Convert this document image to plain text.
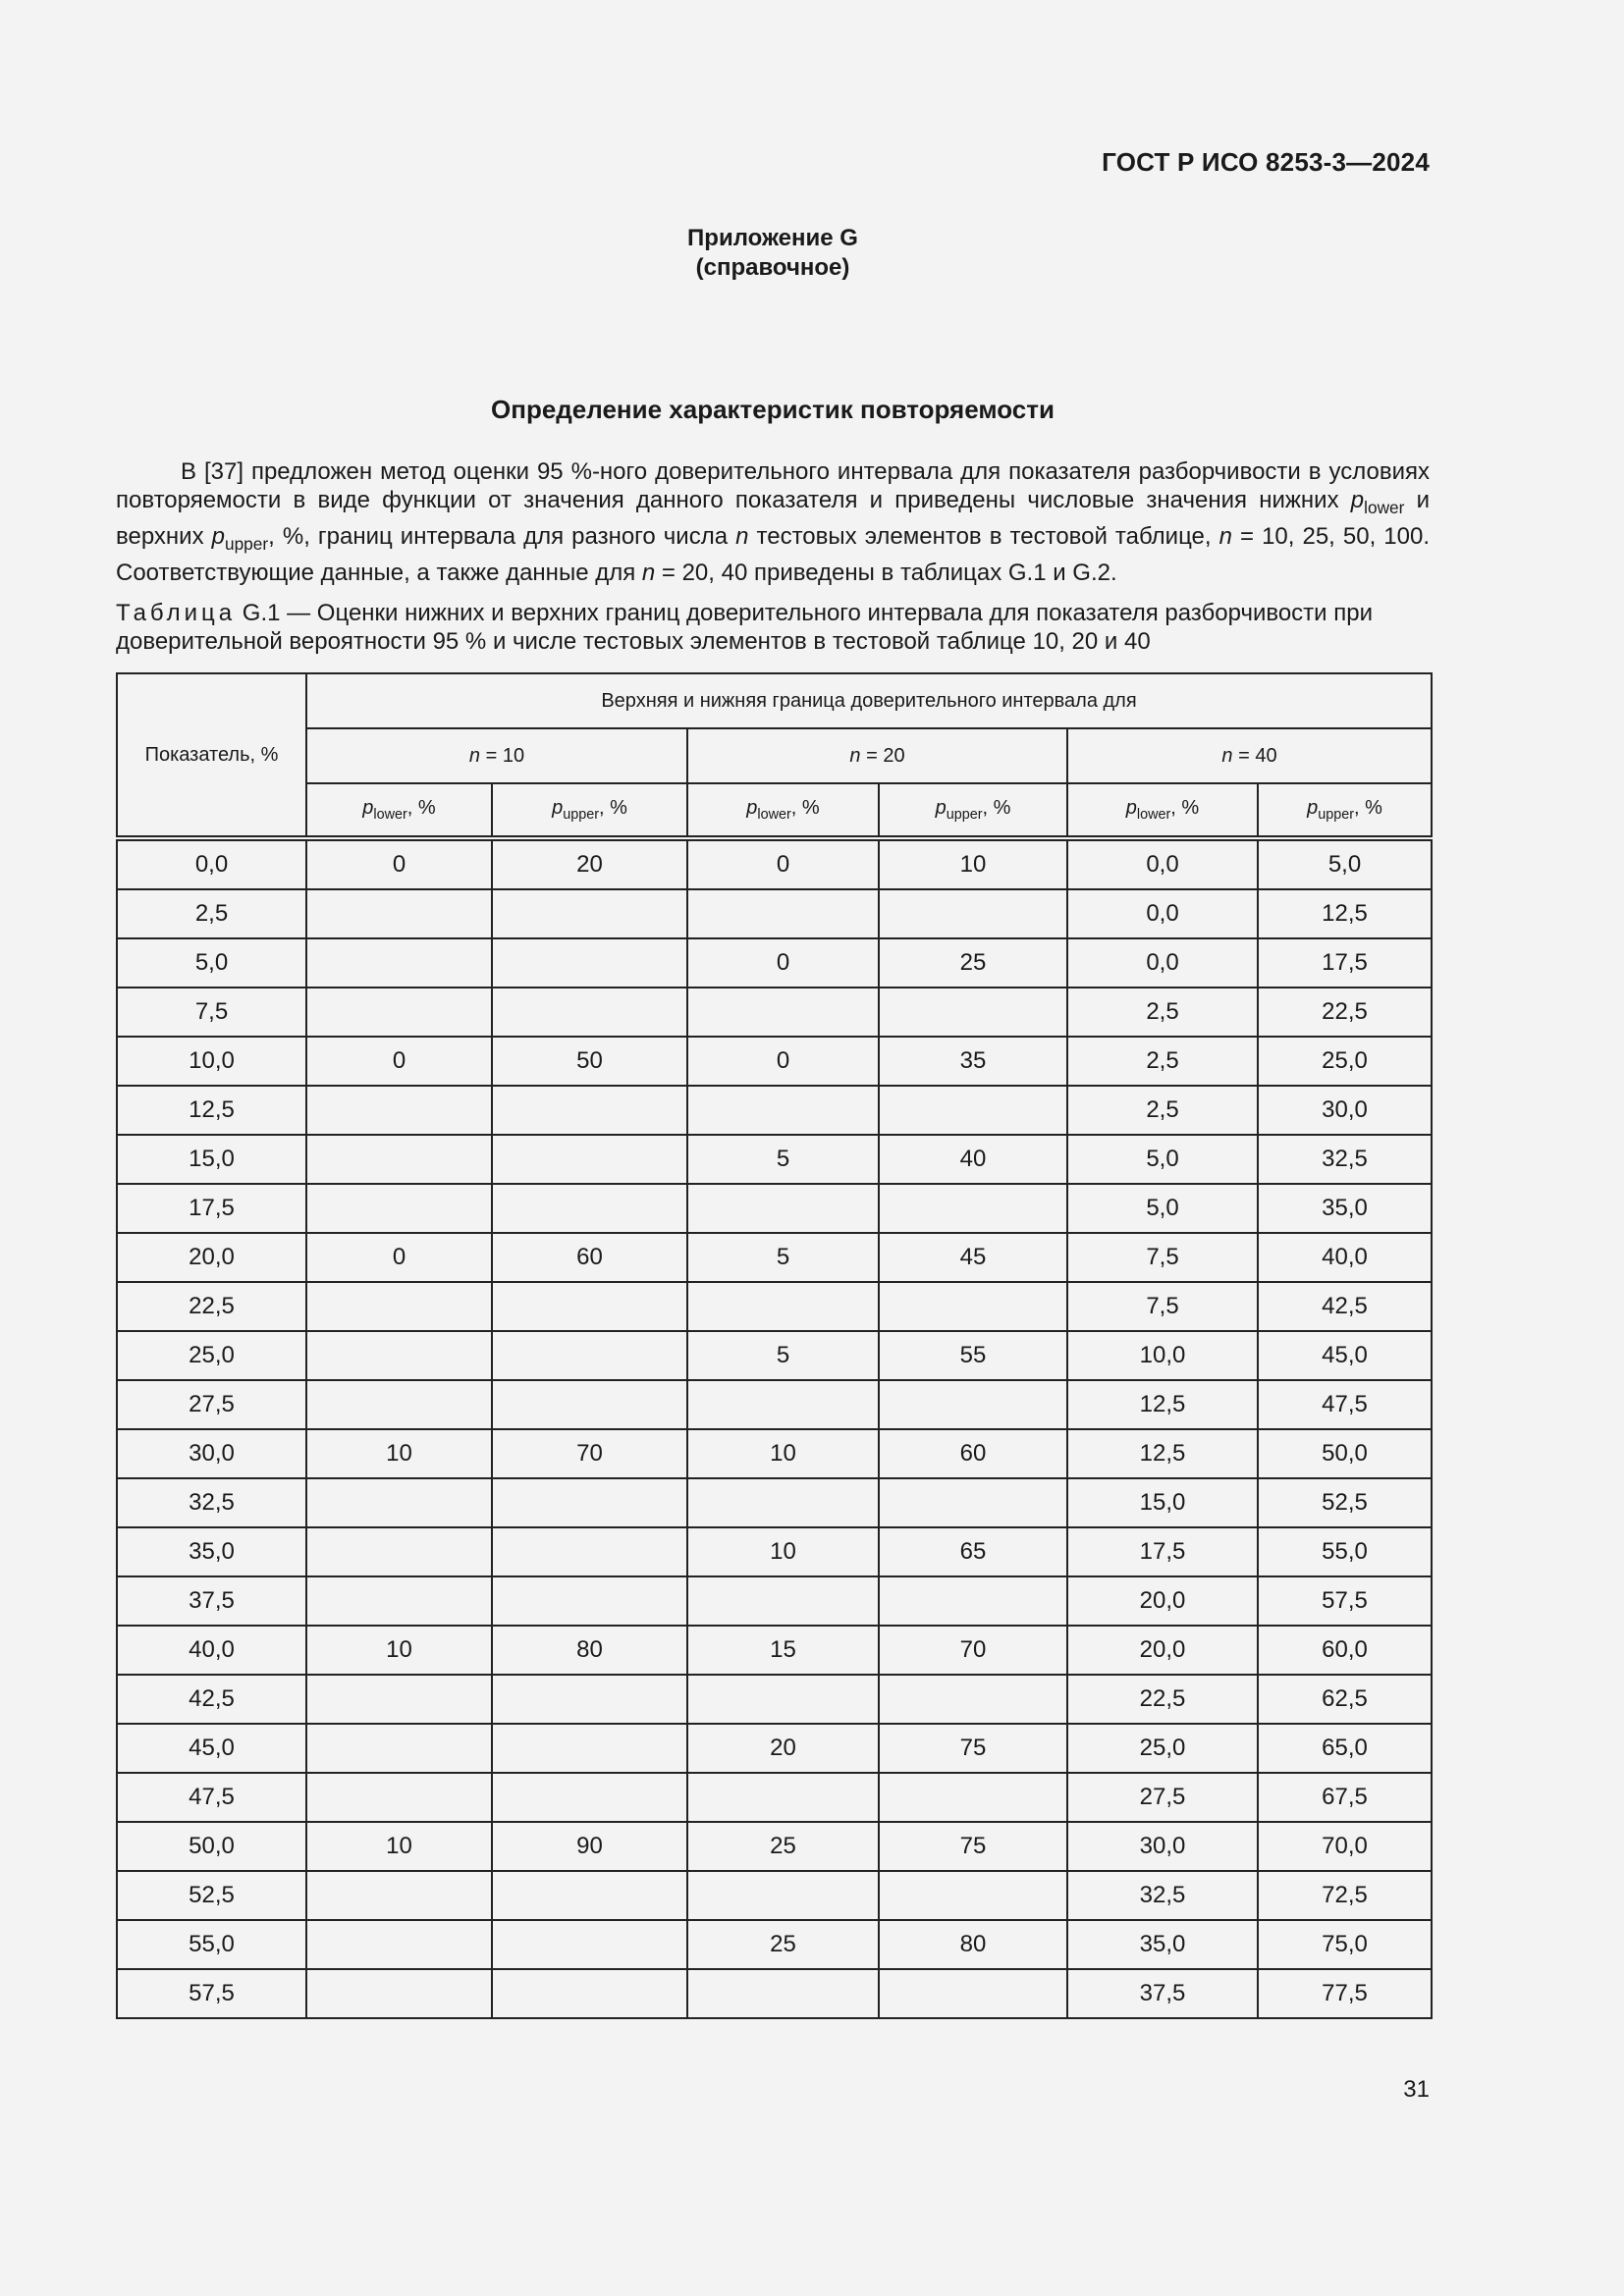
ГОСТ Р ИСО 8253-3—2024
Приложение G
(справочное)
Определение характеристик повторяемости
В [37] предложен метод оценки 95 %-ного доверительного интервала для показателя разборчивости в условиях повторяемости в виде функции от значения данного показателя и приведены числовые значения нижних $p_{lower}$ и верхних $p_{upper}$, %, границ интервала для разного числа n тестовых элементов в тестовой таблице, n = 10, 25, 50, 100. Соответствующие данные, а также данные для n = 20, 40 приведены в таблицах G.1 и G.2.
Таблица G.1 — Оценки нижних и верхних границ доверительного интервала для показателя разборчивости при доверительной вероятности 95 % и числе тестовых элементов в тестовой таблице 10, 20 и 40
Показатель, %	Верхняя и нижняя граница доверительного интервала для					
	n = 10		n = 20		n = 40	
	$p_{lower}$, %	$p_{upper}$, %	$p_{lower}$, %	$p_{upper}$, %	$p_{lower}$, %	$p_{upper}$, %
0,0	0	20	0	10	0,0	5,0
2,5					0,0	12,5
5,0			0	25	0,0	17,5
7,5					2,5	22,5
10,0	0	50	0	35	2,5	25,0
12,5					2,5	30,0
15,0			5	40	5,0	32,5
17,5					5,0	35,0
20,0	0	60	5	45	7,5	40,0
22,5					7,5	42,5
25,0			5	55	10,0	45,0
27,5					12,5	47,5
30,0	10	70	10	60	12,5	50,0
32,5					15,0	52,5
35,0			10	65	17,5	55,0
37,5					20,0	57,5
40,0	10	80	15	70	20,0	60,0
42,5					22,5	62,5
45,0			20	75	25,0	65,0
47,5					27,5	67,5
50,0	10	90	25	75	30,0	70,0
52,5					32,5	72,5
55,0			25	80	35,0	75,0
57,5					37,5	77,5
31
